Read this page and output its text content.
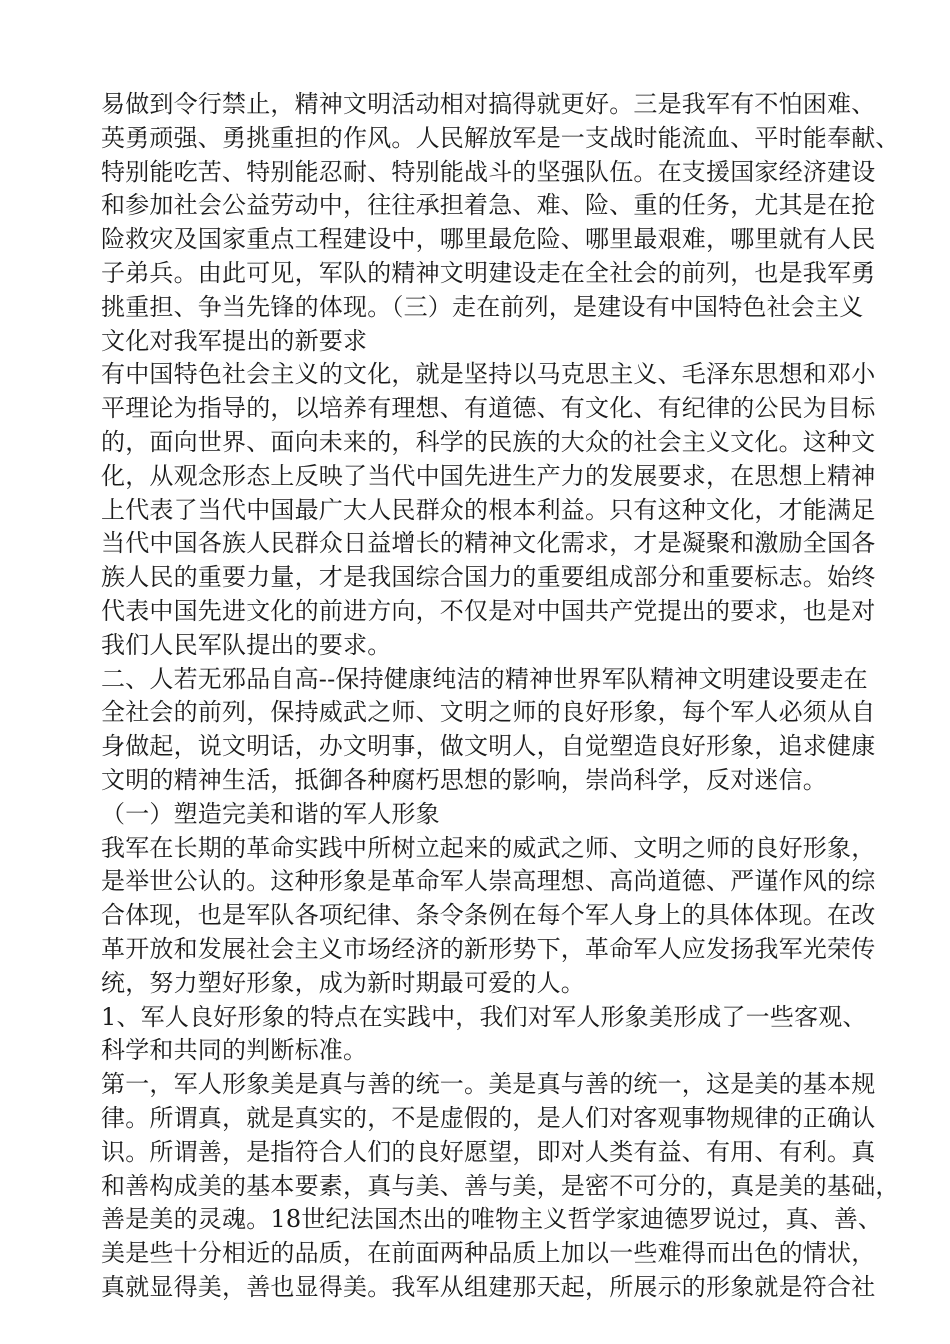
易做到令行禁止，精神文明活动相对搞得就更好。三是我军有不怕困难、
英勇顽强、勇挑重担的作风。人民解放军是一支战时能流血、平时能奉献、
特别能吃苦、特别能忍耐、特别能战斗的坚强队伍。在支援国家经济建设
和参加社会公益劳动中，往往承担着急、难、险、重的任务，尤其是在抢
险救灾及国家重点工程建设中，哪里最危险、哪里最艰难，哪里就有人民
子弟兵。由此可见，军队的精神文明建设走在全社会的前列，也是我军勇
挑重担、争当先锋的体现。（三）走在前列，是建设有中国特色社会主义
文化对我军提出的新要求
有中国特色社会主义的文化，就是坚持以马克思主义、毛泽东思想和邓小
平理论为指导的，以培养有理想、有道德、有文化、有纪律的公民为目标
的，面向世界、面向未来的，科学的民族的大众的社会主义文化。这种文
化，从观念形态上反映了当代中国先进生产力的发展要求，在思想上精神
上代表了当代中国最广大人民群众的根本利益。只有这种文化，才能满足
当代中国各族人民群众日益增长的精神文化需求，才是凝聚和激励全国各
族人民的重要力量，才是我国综合国力的重要组成部分和重要标志。始终
代表中国先进文化的前进方向，不仅是对中国共产党提出的要求，也是对
我们人民军队提出的要求。
二、人若无邪品自高--保持健康纯洁的精神世界军队精神文明建设要走在
全社会的前列，保持威武之师、文明之师的良好形象，每个军人必须从自
身做起，说文明话，办文明事，做文明人，自觉塑造良好形象，追求健康
文明的精神生活，抵御各种腐朽思想的影响，崇尚科学，反对迷信。
（一）塑造完美和谐的军人形象
我军在长期的革命实践中所树立起来的威武之师、文明之师的良好形象，
是举世公认的。这种形象是革命军人崇高理想、高尚道德、严谨作风的综
合体现，也是军队各项纪律、条令条例在每个军人身上的具体体现。在改
革开放和发展社会主义市场经济的新形势下，革命军人应发扬我军光荣传
统，努力塑好形象，成为新时期最可爱的人。
1、军人良好形象的特点在实践中，我们对军人形象美形成了一些客观、
科学和共同的判断标准。
第一，军人形象美是真与善的统一。美是真与善的统一，这是美的基本规
律。所谓真，就是真实的，不是虚假的，是人们对客观事物规律的正确认
识。所谓善，是指符合人们的良好愿望，即对人类有益、有用、有利。真
和善构成美的基本要素，真与美、善与美，是密不可分的，真是美的基础，
善是美的灵魂。18世纪法国杰出的唯物主义哲学家迪德罗说过，真、善、
美是些十分相近的品质，在前面两种品质上加以一些难得而出色的情状，
真就显得美，善也显得美。我军从组建那天起，所展示的形象就是符合社
